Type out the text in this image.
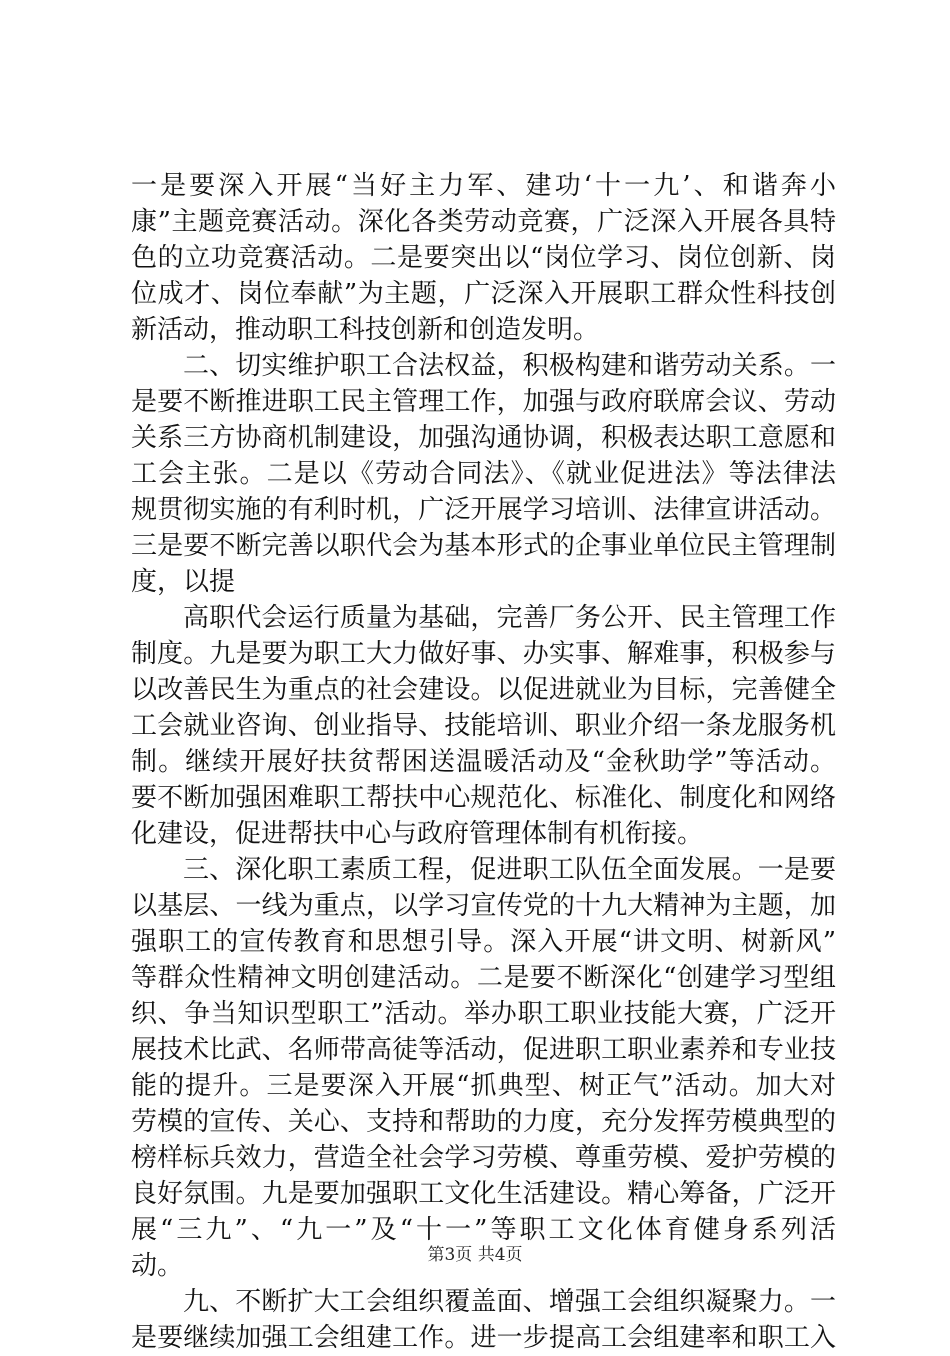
一是要深入开展“当好主力军、建功‘十一九’、和谐奔小
康”主题竞赛活动。深化各类劳动竞赛，广泛深入开展各具特
色的立功竞赛活动。二是要突出以“岗位学习、岗位创新、岗
位成才、岗位奉献”为主题，广泛深入开展职工群众性科技创
新活动，推动职工科技创新和创造发明。
二、切实维护职工合法权益，积极构建和谐劳动关系。一
是要不断推进职工民主管理工作，加强与政府联席会议、劳动
关系三方协商机制建设，加强沟通协调，积极表达职工意愿和
工会主张。二是以《劳动合同法》、《就业促进法》等法律法
规贯彻实施的有利时机，广泛开展学习培训、法律宣讲活动。
三是要不断完善以职代会为基本形式的企事业单位民主管理制
度，以提
高职代会运行质量为基础，完善厂务公开、民主管理工作
制度。九是要为职工大力做好事、办实事、解难事，积极参与
以改善民生为重点的社会建设。以促进就业为目标，完善健全
工会就业咨询、创业指导、技能培训、职业介绍一条龙服务机
制。继续开展好扶贫帮困送温暖活动及“金秋助学”等活动。
要不断加强困难职工帮扶中心规范化、标准化、制度化和网络
化建设，促进帮扶中心与政府管理体制有机衔接。
三、深化职工素质工程，促进职工队伍全面发展。一是要
以基层、一线为重点，以学习宣传党的十九大精神为主题，加
强职工的宣传教育和思想引导。深入开展“讲文明、树新风”
等群众性精神文明创建活动。二是要不断深化“创建学习型组
织、争当知识型职工”活动。举办职工职业技能大赛，广泛开
展技术比武、名师带高徒等活动，促进职工职业素养和专业技
能的提升。三是要深入开展“抓典型、树正气”活动。加大对
劳模的宣传、关心、支持和帮助的力度，充分发挥劳模典型的
榜样标兵效力，营造全社会学习劳模、尊重劳模、爱护劳模的
良好氛围。九是要加强职工文化生活建设。精心筹备，广泛开
展“三九”、“九一”及“十一”等职工文化体育健身系列活
动。
九、不断扩大工会组织覆盖面、增强工会组织凝聚力。一
是要继续加强工会组建工作。进一步提高工会组建率和职工入
第3页 共4页
